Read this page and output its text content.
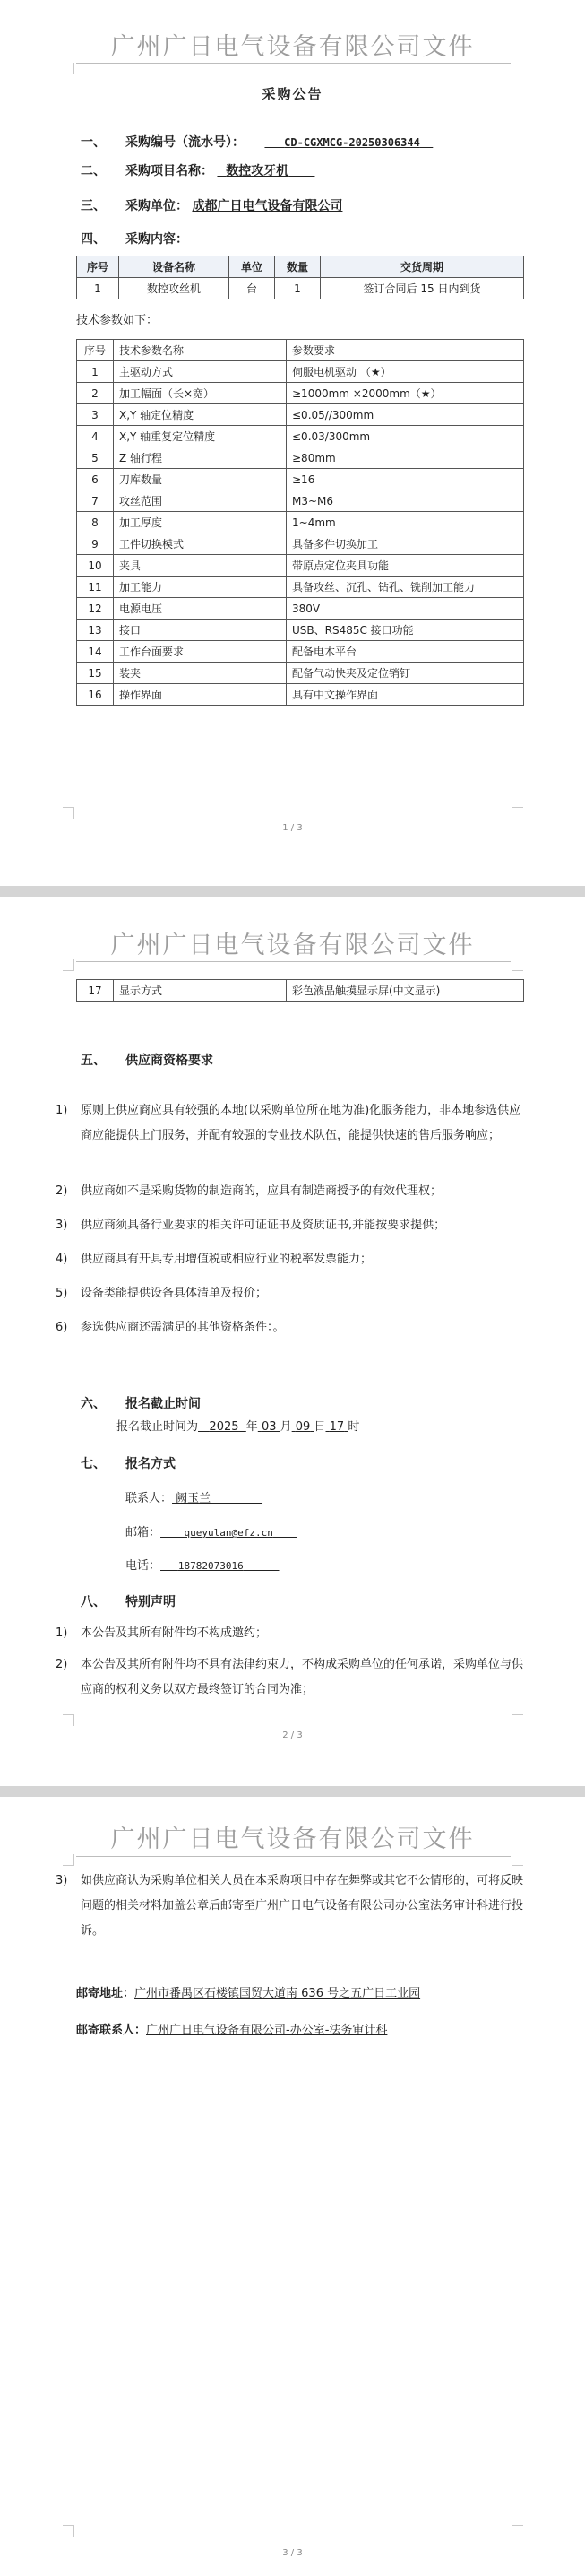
广州广日电气设备有限公司文件
采购公告
一、 采购编号（流水号）：	CD-CGXMCG-20250306344
二、 采购项目名称： 数控攻牙机
三、 采购单位： 成都广日电气设备有限公司
四、 采购内容：
序号	设备名称	单位	数量	交货周期
1	数控攻丝机	台	1	签订合同后 15 日内到货
技术参数如下：
序号	技术参数名称	参数要求
1	主驱动方式	伺服电机驱动 （★）
2	加工幅面（长×宽）	≥1000mm ×2000mm（★）
3	X,Y 轴定位精度	≤0.05//300mm
4	X,Y 轴重复定位精度	≤0.03/300mm
5	Z 轴行程	≥80mm
6	刀库数量	≥16
7	攻丝范围	M3~M6
8	加工厚度	1~4mm
9	工件切换模式	具备多件切换加工
10	夹具	带原点定位夹具功能
11	加工能力	具备攻丝、沉孔、钻孔、铣削加工能力
12	电源电压	380V
13	接口	USB、RS485C 接口功能
14	工作台面要求	配备电木平台
15	装夹	配备气动快夹及定位销钉
16	操作界面	具有中文操作界面
1 / 3
广州广日电气设备有限公司文件
17	显示方式	彩色液晶触摸显示屏(中文显示)
五、 供应商资格要求
1) 原则上供应商应具有较强的本地(以采购单位所在地为准)化服务能力，非本地参选供应商应能提供上门服务，并配有较强的专业技术队伍，能提供快速的售后服务响应；
2) 供应商如不是采购货物的制造商的，应具有制造商授予的有效代理权；
3) 供应商须具备行业要求的相关许可证证书及资质证书,并能按要求提供；
4) 供应商具有开具专用增值税或相应行业的税率发票能力；
5) 设备类能提供设备具体清单及报价；
6) 参选供应商还需满足的其他资格条件：。
六、 报名截止时间
报名截止时间为 2025 年 03 月 09 日 17 时
七、 报名方式
联系人： 阙玉兰
邮箱： queyulan@efz.cn
电话： 18782073016
八、 特别声明
1) 本公告及其所有附件均不构成邀约；
2) 本公告及其所有附件均不具有法律约束力，不构成采购单位的任何承诺，采购单位与供应商的权利义务以双方最终签订的合同为准；
2 / 3
广州广日电气设备有限公司文件
3) 如供应商认为采购单位相关人员在本采购项目中存在舞弊或其它不公情形的，可将反映问题的相关材料加盖公章后邮寄至广州广日电气设备有限公司办公室法务审计科进行投诉。
邮寄地址：广州市番禺区石楼镇国贸大道南 636 号之五广日工业园
邮寄联系人：广州广日电气设备有限公司-办公室-法务审计科
3 / 3
